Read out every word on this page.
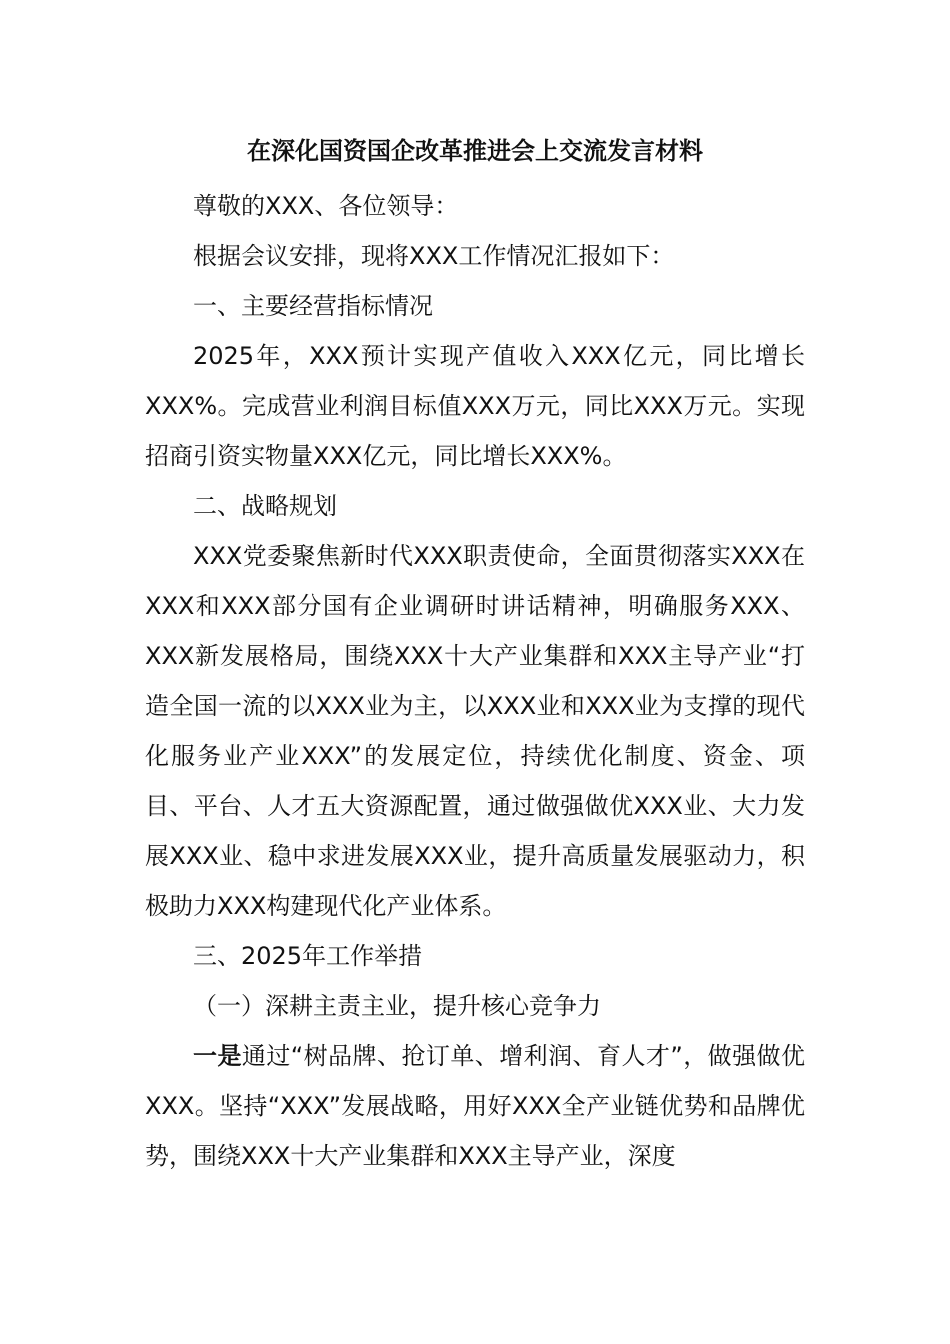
在深化国资国企改革推进会上交流发言材料

尊敬的XXX、各位领导：

根据会议安排，现将XXX工作情况汇报如下：

一、主要经营指标情况

2025年，XXX预计实现产值收入XXX亿元，同比增长XXX%。完成营业利润目标值XXX万元，同比XXX万元。实现招商引资实物量XXX亿元，同比增长XXX%。

二、战略规划

XXX党委聚焦新时代XXX职责使命，全面贯彻落实XXX在XXX和XXX部分国有企业调研时讲话精神，明确服务XXX、XXX新发展格局，围绕XXX十大产业集群和XXX主导产业“打造全国一流的以XXX业为主，以XXX业和XXX业为支撑的现代化服务业产业XXX”的发展定位，持续优化制度、资金、项目、平台、人才五大资源配置，通过做强做优XXX业、大力发展XXX业、稳中求进发展XXX业，提升高质量发展驱动力，积极助力XXX构建现代化产业体系。

三、2025年工作举措

（一）深耕主责主业，提升核心竞争力

一是通过“树品牌、抢订单、增利润、育人才”，做强做优XXX。坚持“XXX”发展战略，用好XXX全产业链优势和品牌优势，围绕XXX十大产业集群和XXX主导产业，深度
